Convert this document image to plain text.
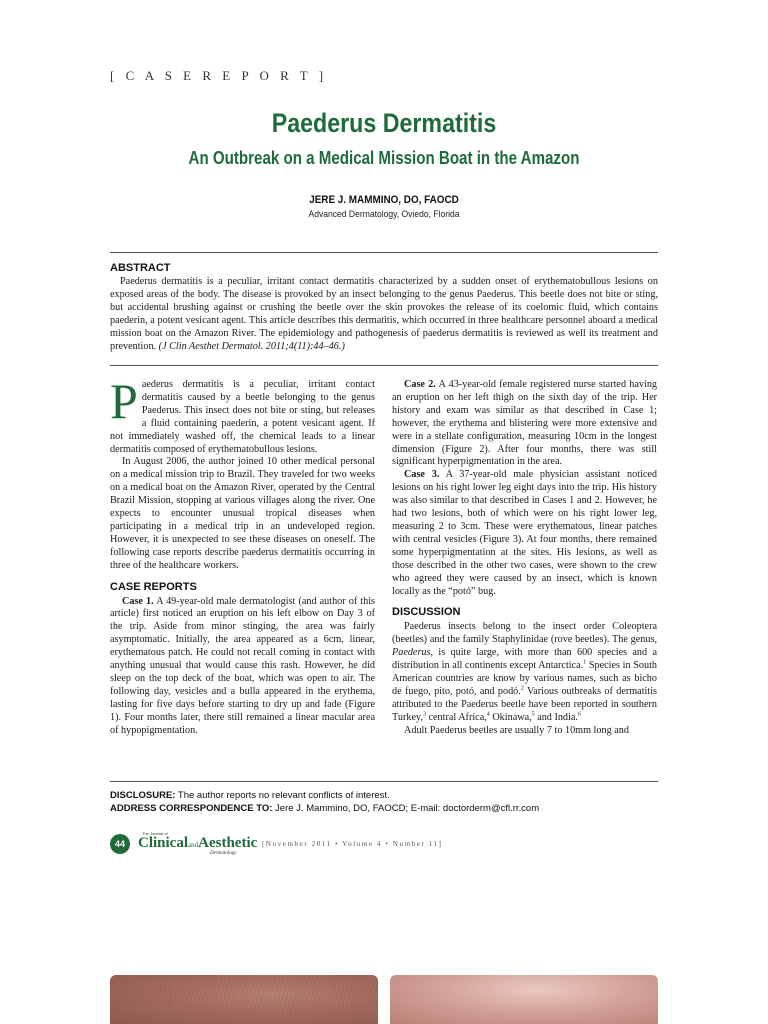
[ C A S E R E P O R T ]
Paederus Dermatitis
An Outbreak on a Medical Mission Boat in the Amazon
JERE J. MAMMINO, DO, FAOCD
Advanced Dermatology, Oviedo, Florida
ABSTRACT
Paederus dermatitis is a peculiar, irritant contact dermatitis characterized by a sudden onset of erythematobullous lesions on exposed areas of the body. The disease is provoked by an insect belonging to the genus Paederus. This beetle does not bite or sting, but accidental brushing against or crushing the beetle over the skin provokes the release of its coelomic fluid, which contains paederin, a potent vesicant agent. This article describes this dermatitis, which occurred in three healthcare personnel aboard a medical mission boat on the Amazon River. The epidemiology and pathogenesis of paederus dermatitis is reviewed as well its treatment and prevention. (J Clin Aesthet Dermatol. 2011;4(11):44–46.)

Paederus dermatitis is a peculiar, irritant contact dermatitis caused by a beetle belonging to the genus Paederus. This insect does not bite or sting, but releases a fluid containing paederin, a potent vesicant agent. If not immediately washed off, the chemical leads to a linear dermatitis composed of erythematobullous lesions.

In August 2006, the author joined 10 other medical personal on a medical mission trip to Brazil. They traveled for two weeks on a medical boat on the Amazon River, operated by the Central Brazil Mission, stopping at various villages along the river. One expects to encounter unusual tropical diseases when participating in a medical trip in an undeveloped region. However, it is unexpected to see these diseases on oneself. The following case reports describe paederus dermatitis occurring in three of the healthcare workers.

CASE REPORTS

Case 1. A 49-year-old male dermatologist (and author of this article) first noticed an eruption on his left elbow on Day 3 of the trip. Aside from minor stinging, the area was fairly asymptomatic. Initially, the area appeared as a 6cm, linear, erythematous patch. He could not recall coming in contact with anything unusual that would cause this rash. However, he did sleep on the top deck of the boat, which was open to air. The following day, vesicles and a bulla appeared in the erythema, lasting for five days before starting to dry up and fade (Figure 1). Four months later, there still remained a linear macular area of hypopigmentation.

Case 2. A 43-year-old female registered nurse started having an eruption on her left thigh on the sixth day of the trip. Her history and exam was similar as that described in Case 1; however, the erythema and blistering were more extensive and were in a stellate configuration, measuring 10cm in the longest dimension (Figure 2). After four months, there was still significant hyperpigmentation in the area.

Case 3. A 37-year-old male physician assistant noticed lesions on his right lower leg eight days into the trip. His history was also similar to that described in Cases 1 and 2. However, he had two lesions, both of which were on his right lower leg, measuring 2 to 3cm. These were erythematous, linear patches with central vesicles (Figure 3). At four months, there remained some hyperpigmentation at the sites. His lesions, as well as those described in the other two cases, were shown to the crew who agreed they were caused by an insect, which is known locally as the “potó” bug.

DISCUSSION

Paederus insects belong to the insect order Coleoptera (beetles) and the family Staphylinidae (rove beetles). The genus, Paederus, is quite large, with more than 600 species and a distribution in all continents except Antarctica.$^1$ Species in South American countries are know by various names, such as bicho de fuego, pito, potó, and podó.$^2$ Various outbreaks of dermatitis attributed to the Paederus beetle have been reported in southern Turkey,$^3$ central Africa,$^4$ Okinawa,$^5$ and India.$^6$

Adult Paederus beetles are usually 7 to 10mm long and

DISCLOSURE: The author reports no relevant conflicts of interest.
ADDRESS CORRESPONDENCE TO: Jere J. Mammino, DO, FAOCD; E-mail: doctorderm@cfl.rr.com
44
The Journal of
ClinicalandAesthetic
Dermatology
[November 2011 • Volume 4 • Number 11]
